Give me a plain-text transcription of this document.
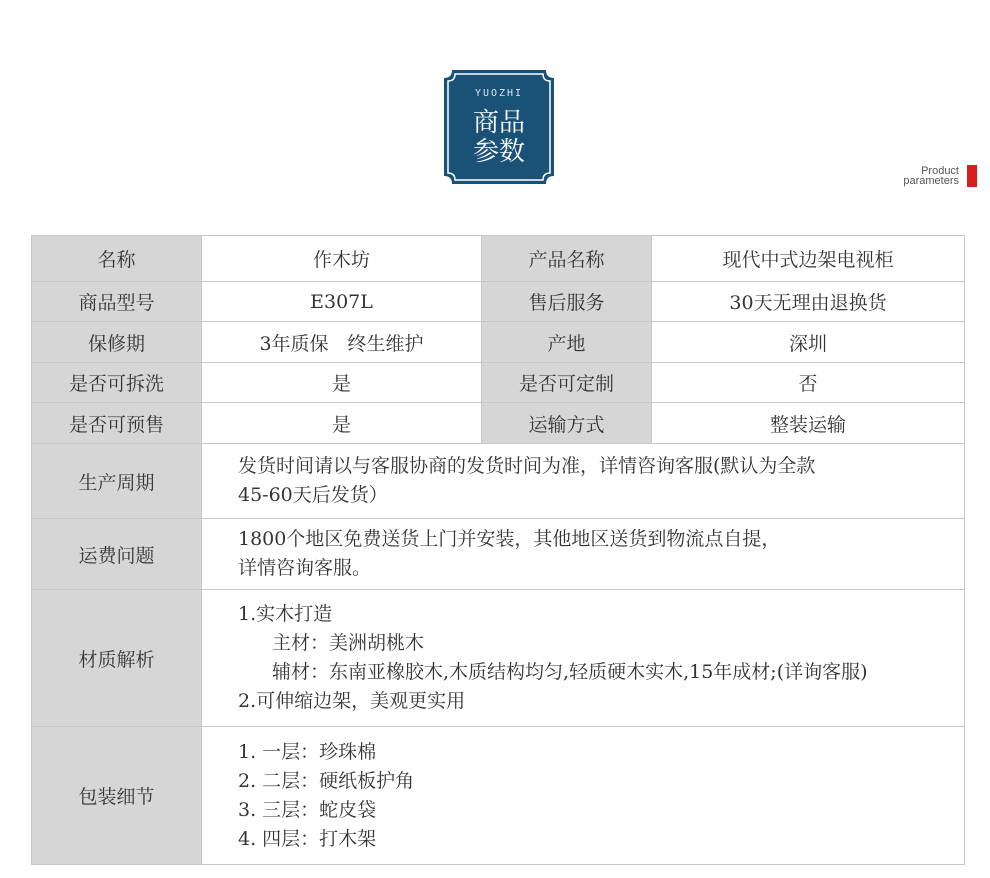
YUOZHI
商品
参数
Product
parameters
名称	作木坊	产品名称	现代中式边架电视柜
商品型号	E307L	售后服务	30天无理由退换货
保修期	3年质保　终生维护	产地	深圳
是否可拆洗	是	是否可定制	否
是否可预售	是	运输方式	整装运输
生产周期	发货时间请以与客服协商的发货时间为准，详情咨询客服(默认为全款
45-60天后发货）		

运费问题	1800个地区免费送货上门并安装，其他地区送货到物流点自提，
详情咨询客服。		

材质解析	1.实木打造
主材：美洲胡桃木
辅材：东南亚橡胶木,木质结构均匀,轻质硬木实木,15年成材;(详询客服)
2.可伸缩边架，美观更实用		

包装细节	1. 一层：珍珠棉
2. 二层：硬纸板护角
3. 三层：蛇皮袋
4. 四层：打木架		
